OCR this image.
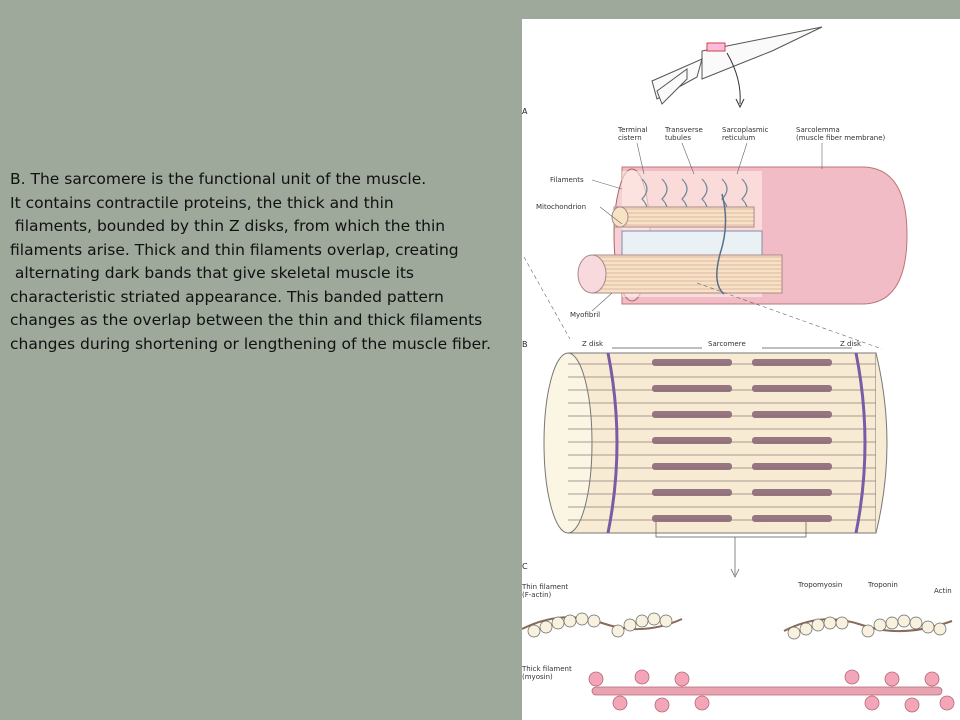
B. The sarcomere is the functional unit of the muscle.
It contains contractile proteins, the thick and thin
filaments, bounded by thin Z disks, from which the thin
filaments arise. Thick and thin filaments overlap, creating
alternating dark bands that give skeletal muscle its
characteristic striated appearance. This banded pattern
changes as the overlap between the thin and thick filaments
changes during shortening or lengthening of the muscle fiber.
A
Terminal
cistern
Transverse
tubules
Sarcoplasmic
reticulum
Sarcolemma
(muscle fiber membrane)
Filaments
Mitochondrion
Myofibril
B	Z disk	Sarcomere	Z disk
C
Thin filament
(F-actin)
Tropomyosin	Troponin
Actin
Thick filament
(myosin)
